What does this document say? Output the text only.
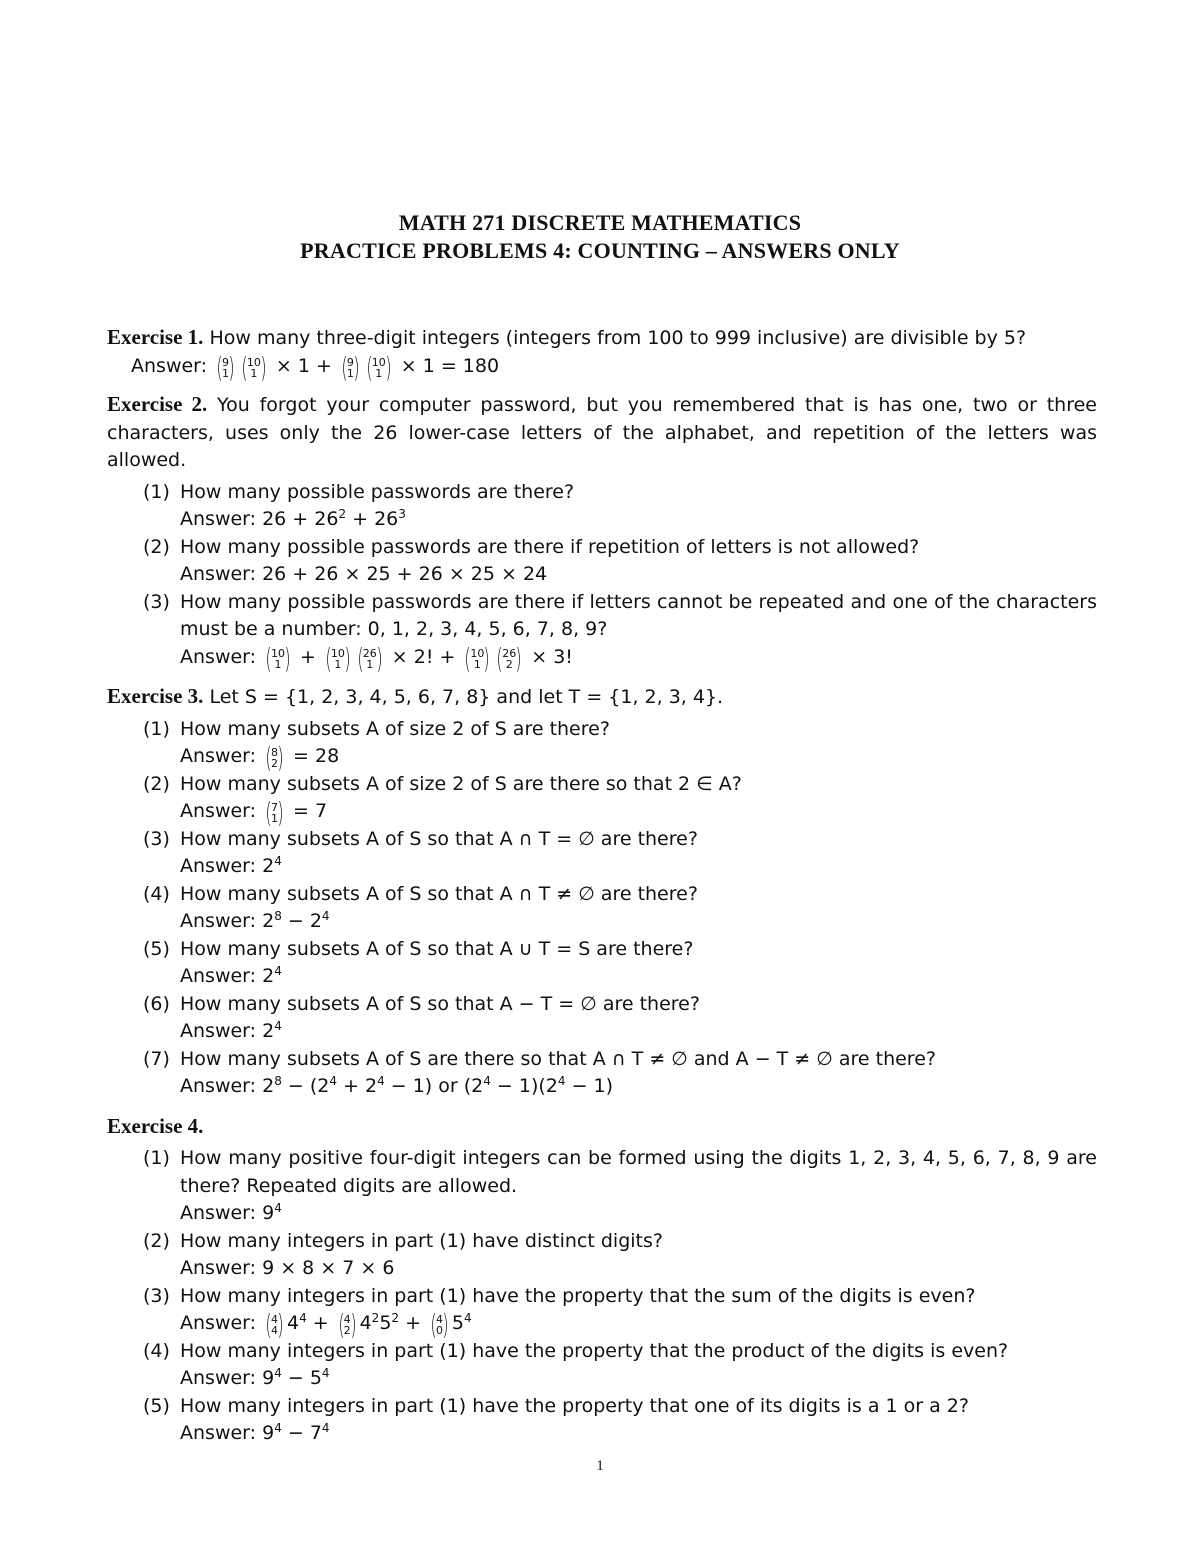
MATH 271 DISCRETE MATHEMATICS
PRACTICE PROBLEMS 4: COUNTING – ANSWERS ONLY
Exercise 1. How many three-digit integers (integers from 100 to 999 inclusive) are divisible by 5?
Answer: ( 9
1 ) ( 10
1 ) × 1 + ( 9
1 ) ( 10
1 ) × 1 = 180
Exercise 2. You forgot your computer password, but you remembered that is has one, two or three characters, uses only the 26 lower-case letters of the alphabet, and repetition of the letters was allowed.
(1) How many possible passwords are there?
Answer: $26 + 26^2 + 26^3$
(2) How many possible passwords are there if repetition of letters is not allowed?
Answer: 26 + 26 × 25 + 26 × 25 × 24
(3) How many possible passwords are there if letters cannot be repeated and one of the characters must be a number: 0, 1, 2, 3, 4, 5, 6, 7, 8, 9?
Answer: ( 10
1 ) + ( 10
1 ) ( 26
1 ) × 2! + ( 10
1 ) ( 26
2 ) × 3!
Exercise 3. Let S = {1, 2, 3, 4, 5, 6, 7, 8} and let T = {1, 2, 3, 4}.
(1) How many subsets A of size 2 of S are there?
Answer: ( 8
2 ) = 28
(2) How many subsets A of size 2 of S are there so that 2 ∈ A?
Answer: ( 7
1 ) = 7
(3) How many subsets A of S so that A ∩ T = ∅ are there?
Answer: $2^4$
(4) How many subsets A of S so that A ∩ T ≠ ∅ are there?
Answer: $2^8 - 2^4$
(5) How many subsets A of S so that A ∪ T = S are there?
Answer: $2^4$
(6) How many subsets A of S so that A − T = ∅ are there?
Answer: $2^4$
(7) How many subsets A of S are there so that A ∩ T ≠ ∅ and A − T ≠ ∅ are there?
Answer: $2^8 - (2^4 + 2^4 - 1)$ or $(2^4 - 1)(2^4 - 1)$
Exercise 4.
(1) How many positive four-digit integers can be formed using the digits 1, 2, 3, 4, 5, 6, 7, 8, 9 are there? Repeated digits are allowed.
Answer: $9^4$
(2) How many integers in part (1) have distinct digits?
Answer: 9 × 8 × 7 × 6
(3) How many integers in part (1) have the property that the sum of the digits is even?
Answer: ( 4
4 ) $4^4$ + ( 4
2 ) $4^25^2$ + ( 4
0 ) $5^4$
(4) How many integers in part (1) have the property that the product of the digits is even?
Answer: $9^4 - 5^4$
(5) How many integers in part (1) have the property that one of its digits is a 1 or a 2?
Answer: $9^4 - 7^4$
1
